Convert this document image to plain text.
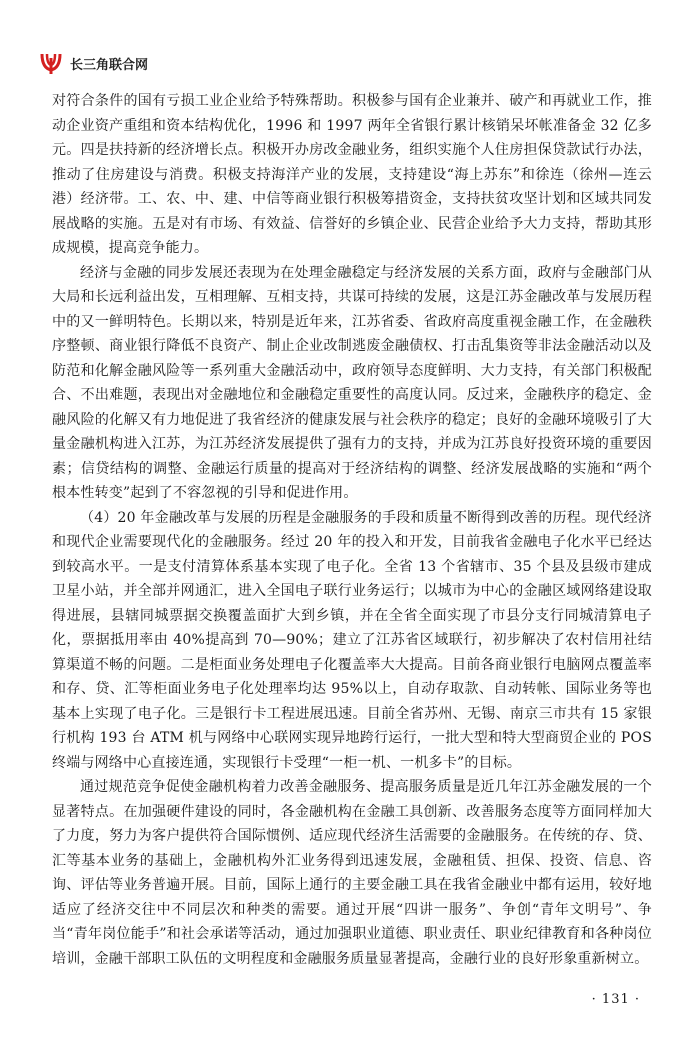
长三角联合网

对符合条件的国有亏损工业企业给予特殊帮助。积极参与国有企业兼并、破产和再就业工作，推动企业资产重组和资本结构优化，1996 和 1997 两年全省银行累计核销呆坏帐准备金 32 亿多元。四是扶持新的经济增长点。积极开办房改金融业务，组织实施个人住房担保贷款试行办法，推动了住房建设与消费。积极支持海洋产业的发展，支持建设“海上苏东”和徐连（徐州—连云港）经济带。工、农、中、建、中信等商业银行积极筹措资金，支持扶贫攻坚计划和区域共同发展战略的实施。五是对有市场、有效益、信誉好的乡镇企业、民营企业给予大力支持，帮助其形成规模，提高竞争能力。

经济与金融的同步发展还表现为在处理金融稳定与经济发展的关系方面，政府与金融部门从大局和长远利益出发，互相理解、互相支持，共谋可持续的发展，这是江苏金融改革与发展历程中的又一鲜明特色。长期以来，特别是近年来，江苏省委、省政府高度重视金融工作，在金融秩序整顿、商业银行降低不良资产、制止企业改制逃废金融债权、打击乱集资等非法金融活动以及防范和化解金融风险等一系列重大金融活动中，政府领导态度鲜明、大力支持，有关部门积极配合、不出难题，表现出对金融地位和金融稳定重要性的高度认同。反过来，金融秩序的稳定、金融风险的化解又有力地促进了我省经济的健康发展与社会秩序的稳定；良好的金融环境吸引了大量金融机构进入江苏，为江苏经济发展提供了强有力的支持，并成为江苏良好投资环境的重要因素；信贷结构的调整、金融运行质量的提高对于经济结构的调整、经济发展战略的实施和“两个根本性转变”起到了不容忽视的引导和促进作用。

（4）20 年金融改革与发展的历程是金融服务的手段和质量不断得到改善的历程。现代经济和现代企业需要现代化的金融服务。经过 20 年的投入和开发，目前我省金融电子化水平已经达到较高水平。一是支付清算体系基本实现了电子化。全省 13 个省辖市、35 个县及县级市建成卫星小站，并全部并网通汇，进入全国电子联行业务运行；以城市为中心的金融区域网络建设取得进展，县辖同城票据交换覆盖面扩大到乡镇，并在全省全面实现了市县分支行同城清算电子化，票据抵用率由 40%提高到 70—90%；建立了江苏省区域联行，初步解决了农村信用社结算渠道不畅的问题。二是柜面业务处理电子化覆盖率大大提高。目前各商业银行电脑网点覆盖率和存、贷、汇等柜面业务电子化处理率均达 95%以上，自动存取款、自动转帐、国际业务等也基本上实现了电子化。三是银行卡工程进展迅速。目前全省苏州、无锡、南京三市共有 15 家银行机构 193 台 ATM 机与网络中心联网实现异地跨行运行，一批大型和特大型商贸企业的 POS 终端与网络中心直接连通，实现银行卡受理“一柜一机、一机多卡”的目标。

通过规范竞争促使金融机构着力改善金融服务、提高服务质量是近几年江苏金融发展的一个显著特点。在加强硬件建设的同时，各金融机构在金融工具创新、改善服务态度等方面同样加大了力度，努力为客户提供符合国际惯例、适应现代经济生活需要的金融服务。在传统的存、贷、汇等基本业务的基础上，金融机构外汇业务得到迅速发展，金融租赁、担保、投资、信息、咨询、评估等业务普遍开展。目前，国际上通行的主要金融工具在我省金融业中都有运用，较好地适应了经济交往中不同层次和种类的需要。通过开展“四讲一服务”、争创“青年文明号”、争当“青年岗位能手”和社会承诺等活动，通过加强职业道德、职业责任、职业纪律教育和各种岗位培训，金融干部职工队伍的文明程度和金融服务质量显著提高，金融行业的良好形象重新树立。

· 131 ·
